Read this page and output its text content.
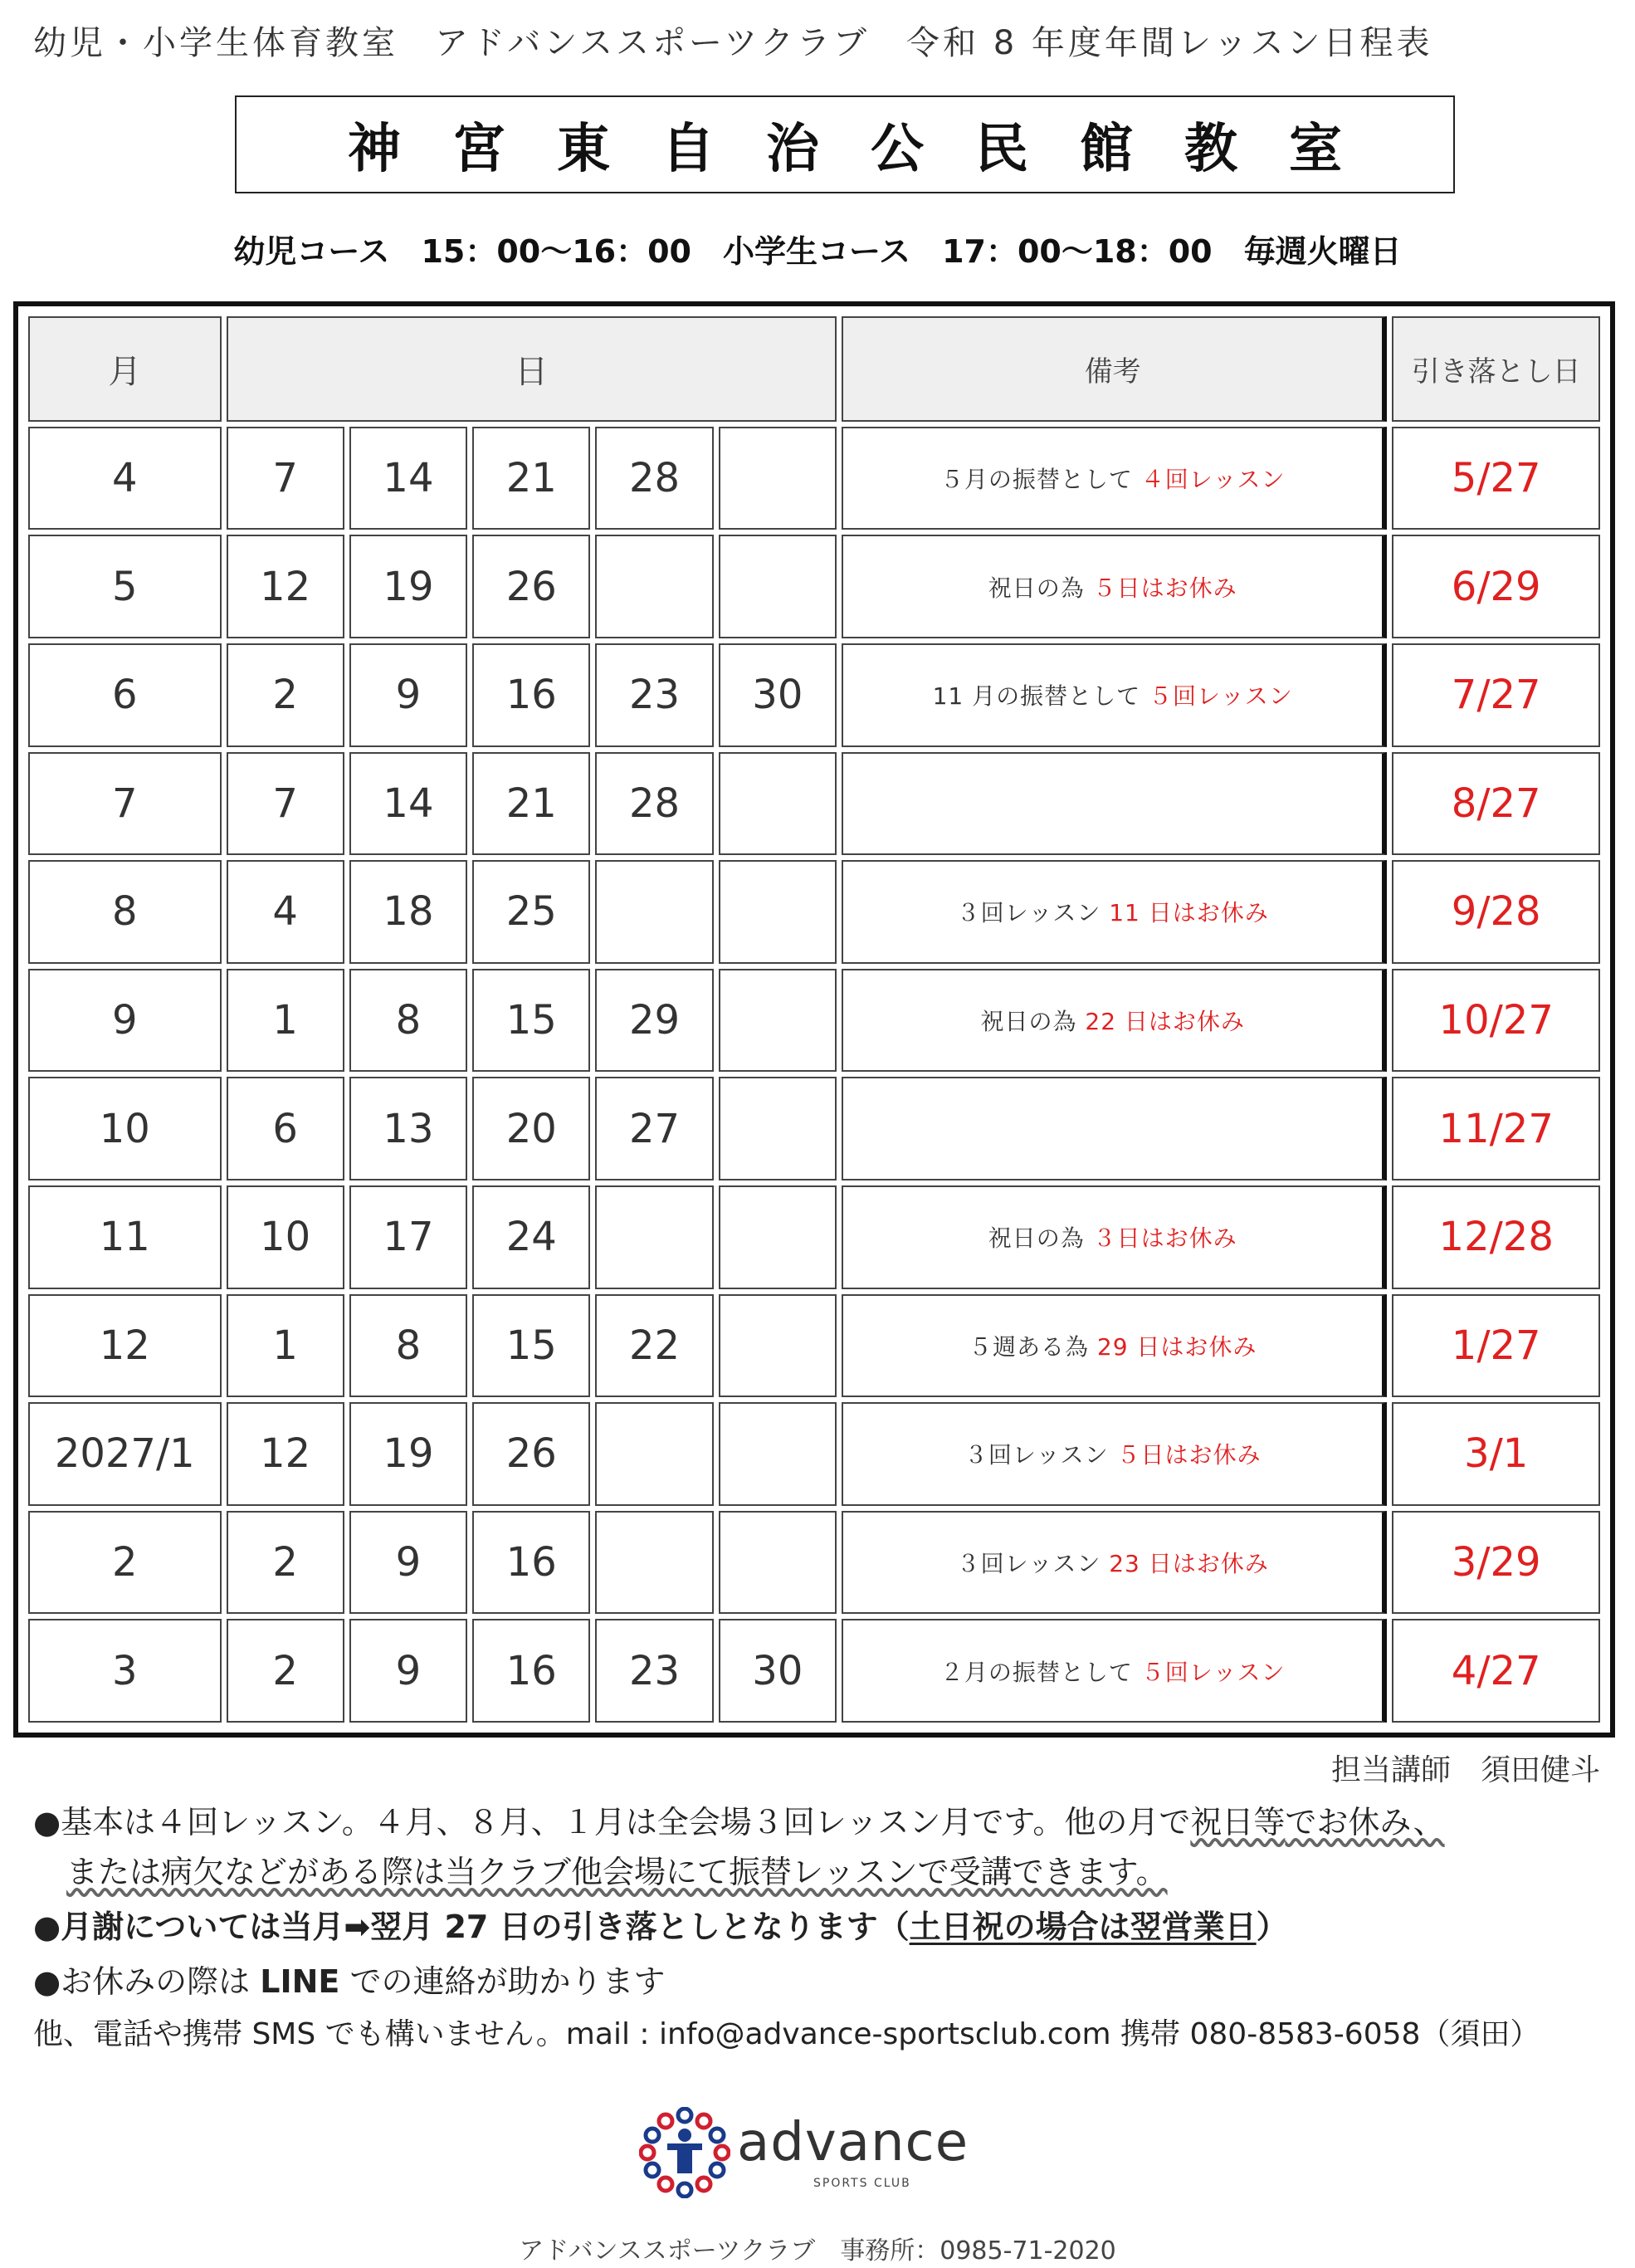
幼児・小学生体育教室　アドバンススポーツクラブ　令和 8 年度年間レッスン日程表
神宮東自治公民館教室
幼児コース　15：00〜16：00　小学生コース　17：00〜18：00　毎週火曜日
月	日					備考	引き落とし日
4	7	14	21	28		５月の振替として ４回レッスン	5/27
5	12	19	26			祝日の為 ５日はお休み	6/29
6	2	9	16	23	30	11 月の振替として ５回レッスン	7/27
7	7	14	21	28			8/27
8	4	18	25			３回レッスン 11 日はお休み	9/28
9	1	8	15	29		祝日の為 22 日はお休み	10/27
10	6	13	20	27			11/27
11	10	17	24			祝日の為 ３日はお休み	12/28
12	1	8	15	22		５週ある為 29 日はお休み	1/27
2027/1	12	19	26			３回レッスン ５日はお休み	3/1
2	2	9	16			３回レッスン 23 日はお休み	3/29
3	2	9	16	23	30	２月の振替として ５回レッスン	4/27
担当講師　須田健斗
●基本は４回レッスン。４月、８月、１月は全会場３回レッスン月です。他の月で祝日等でお休み、
または病欠などがある際は当クラブ他会場にて振替レッスンで受講できます。
●月謝については当月➡翌月 27 日の引き落としとなります（土日祝の場合は翌営業日）
●お休みの際は LINE での連絡が助かります
他、電話や携帯 SMS でも構いません。mail : info@advance-sportsclub.com 携帯 080-8583-6058（須田）
advance
SPORTS CLUB
アドバンススポーツクラブ　事務所：0985-71-2020
